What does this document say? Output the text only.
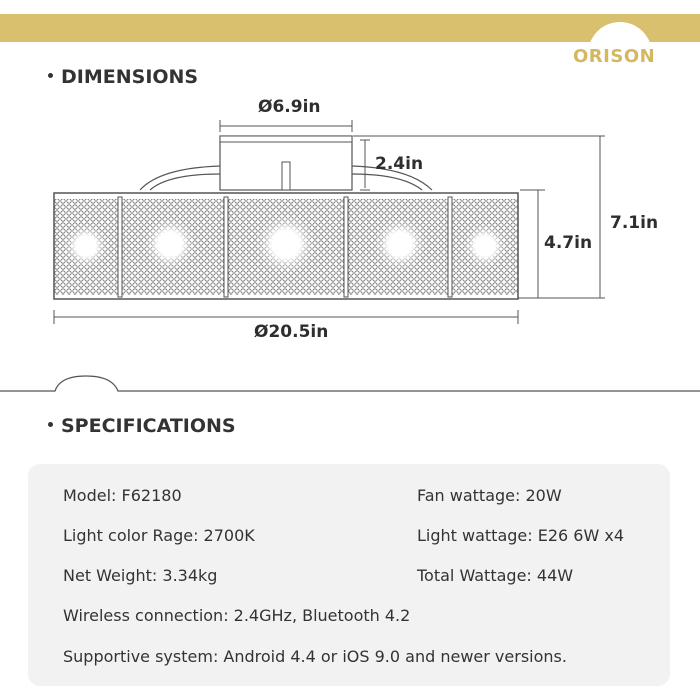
ORISON
DIMENSIONS
Ø6.9in
2.4in
4.7in
7.1in
Ø20.5in
SPECIFICATIONS
Model: F62180	Fan wattage: 20W
Light color Rage: 2700K	Light wattage: E26 6W x4
Net Weight: 3.34kg	Total Wattage: 44W
Wireless connection: 2.4GHz, Bluetooth 4.2
Supportive system: Android 4.4 or iOS 9.0 and newer versions.
